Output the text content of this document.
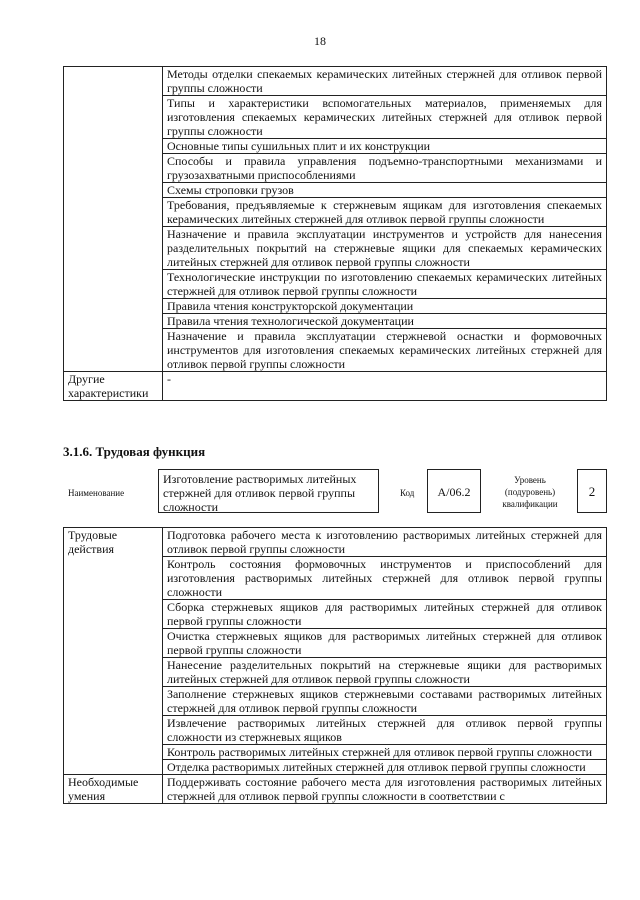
18
	Методы отделки спекаемых керамических литейных стержней для отливок первой группы сложности
	Типы и характеристики вспомогательных материалов, применяемых для изготовления спекаемых керамических литейных стержней для отливок первой группы сложности
	Основные типы сушильных плит и их конструкции
	Способы и правила управления подъемно-транспортными механизмами и грузозахватными приспособлениями
	Схемы строповки грузов
	Требования, предъявляемые к стержневым ящикам для изготовления спекаемых керамических литейных стержней для отливок первой группы сложности
	Назначение и правила эксплуатации инструментов и устройств для нанесения разделительных покрытий на стержневые ящики для спекаемых керамических литейных стержней для отливок первой группы сложности
	Технологические инструкции по изготовлению спекаемых керамических литейных стержней для отливок первой группы сложности
	Правила чтения конструкторской документации
	Правила чтения технологической документации
	Назначение и правила эксплуатации стержневой оснастки и формовочных инструментов для изготовления спекаемых керамических литейных стержней для отливок первой группы сложности
Другие характеристики	-
3.1.6. Трудовая функция
Наименование
Изготовление растворимых литейных стержней для отливок первой группы сложности
Код	А/06.2
Уровень (подуровень) квалификации
2
Трудовые действия	Подготовка рабочего места к изготовлению растворимых литейных стержней для отливок первой группы сложности
	Контроль состояния формовочных инструментов и приспособлений для изготовления растворимых литейных стержней для отливок первой группы сложности
	Сборка стержневых ящиков для растворимых литейных стержней для отливок первой группы сложности
	Очистка стержневых ящиков для растворимых литейных стержней для отливок первой группы сложности
	Нанесение разделительных покрытий на стержневые ящики для растворимых литейных стержней для отливок первой группы сложности
	Заполнение стержневых ящиков стержневыми составами растворимых литейных стержней для отливок первой группы сложности
	Извлечение растворимых литейных стержней для отливок первой группы сложности из стержневых ящиков
	Контроль растворимых литейных стержней для отливок первой группы сложности
	Отделка растворимых литейных стержней для отливок первой группы сложности
Необходимые умения	Поддерживать состояние рабочего места для изготовления растворимых литейных стержней для отливок первой группы сложности в соответствии с
